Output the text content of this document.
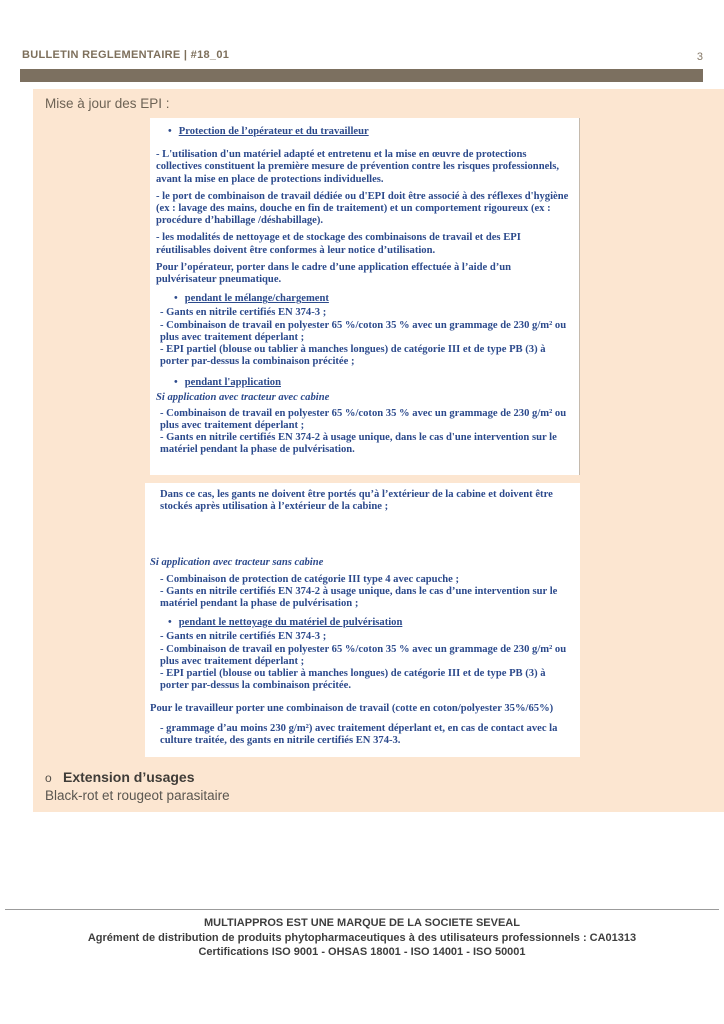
BULLETIN REGLEMENTAIRE | #18_01	3
Mise à jour des EPI :
• Protection de l’opérateur et du travailleur
- L'utilisation d'un matériel adapté et entretenu et la mise en œuvre de protections collectives constituent la première mesure de prévention contre les risques professionnels, avant la mise en place de protections individuelles.
- le port de combinaison de travail dédiée ou d'EPI doit être associé à des réflexes d'hygiène (ex : lavage des mains, douche en fin de traitement) et un comportement rigoureux (ex : procédure d’habillage /déshabillage).
- les modalités de nettoyage et de stockage des combinaisons de travail et des EPI réutilisables doivent être conformes à leur notice d’utilisation.
Pour l’opérateur, porter dans le cadre d’une application effectuée à l’aide d’un pulvérisateur pneumatique.
• pendant le mélange/chargement
- Gants en nitrile certifiés EN 374-3 ;
- Combinaison de travail en polyester 65 %/coton 35 % avec un grammage de 230 g/m² ou plus avec traitement déperlant ;
- EPI partiel (blouse ou tablier à manches longues) de catégorie III et de type PB (3) à porter par-dessus la combinaison précitée ;
• pendant l'application
Si application avec tracteur avec cabine
- Combinaison de travail en polyester 65 %/coton 35 % avec un grammage de 230 g/m² ou plus avec traitement déperlant ;
- Gants en nitrile certifiés EN 374-2 à usage unique, dans le cas d'une intervention sur le matériel pendant la phase de pulvérisation.
Dans ce cas, les gants ne doivent être portés qu’à l’extérieur de la cabine et doivent être stockés après utilisation à l’extérieur de la cabine ;
Si application avec tracteur sans cabine
- Combinaison de protection de catégorie III type 4 avec capuche ;
- Gants en nitrile certifiés EN 374-2 à usage unique, dans le cas d’une intervention sur le matériel pendant la phase de pulvérisation ;
• pendant le nettoyage du matériel de pulvérisation
- Gants en nitrile certifiés EN 374-3 ;
- Combinaison de travail en polyester 65 %/coton 35 % avec un grammage de 230 g/m² ou plus avec traitement déperlant ;
- EPI partiel (blouse ou tablier à manches longues) de catégorie III et de type PB (3) à porter par-dessus la combinaison précitée.
Pour le travailleur porter une combinaison de travail (cotte en coton/polyester 35%/65%)
- grammage d’au moins 230 g/m²) avec traitement déperlant et, en cas de contact avec la culture traitée, des gants en nitrile certifiés EN 374-3.
o Extension d’usages
Black-rot et rougeot parasitaire
MULTIAPPROS EST UNE MARQUE DE LA SOCIETE SEVEAL
Agrément de distribution de produits phytopharmaceutiques à des utilisateurs professionnels : CA01313
Certifications ISO 9001 - OHSAS 18001 - ISO 14001 - ISO 50001
